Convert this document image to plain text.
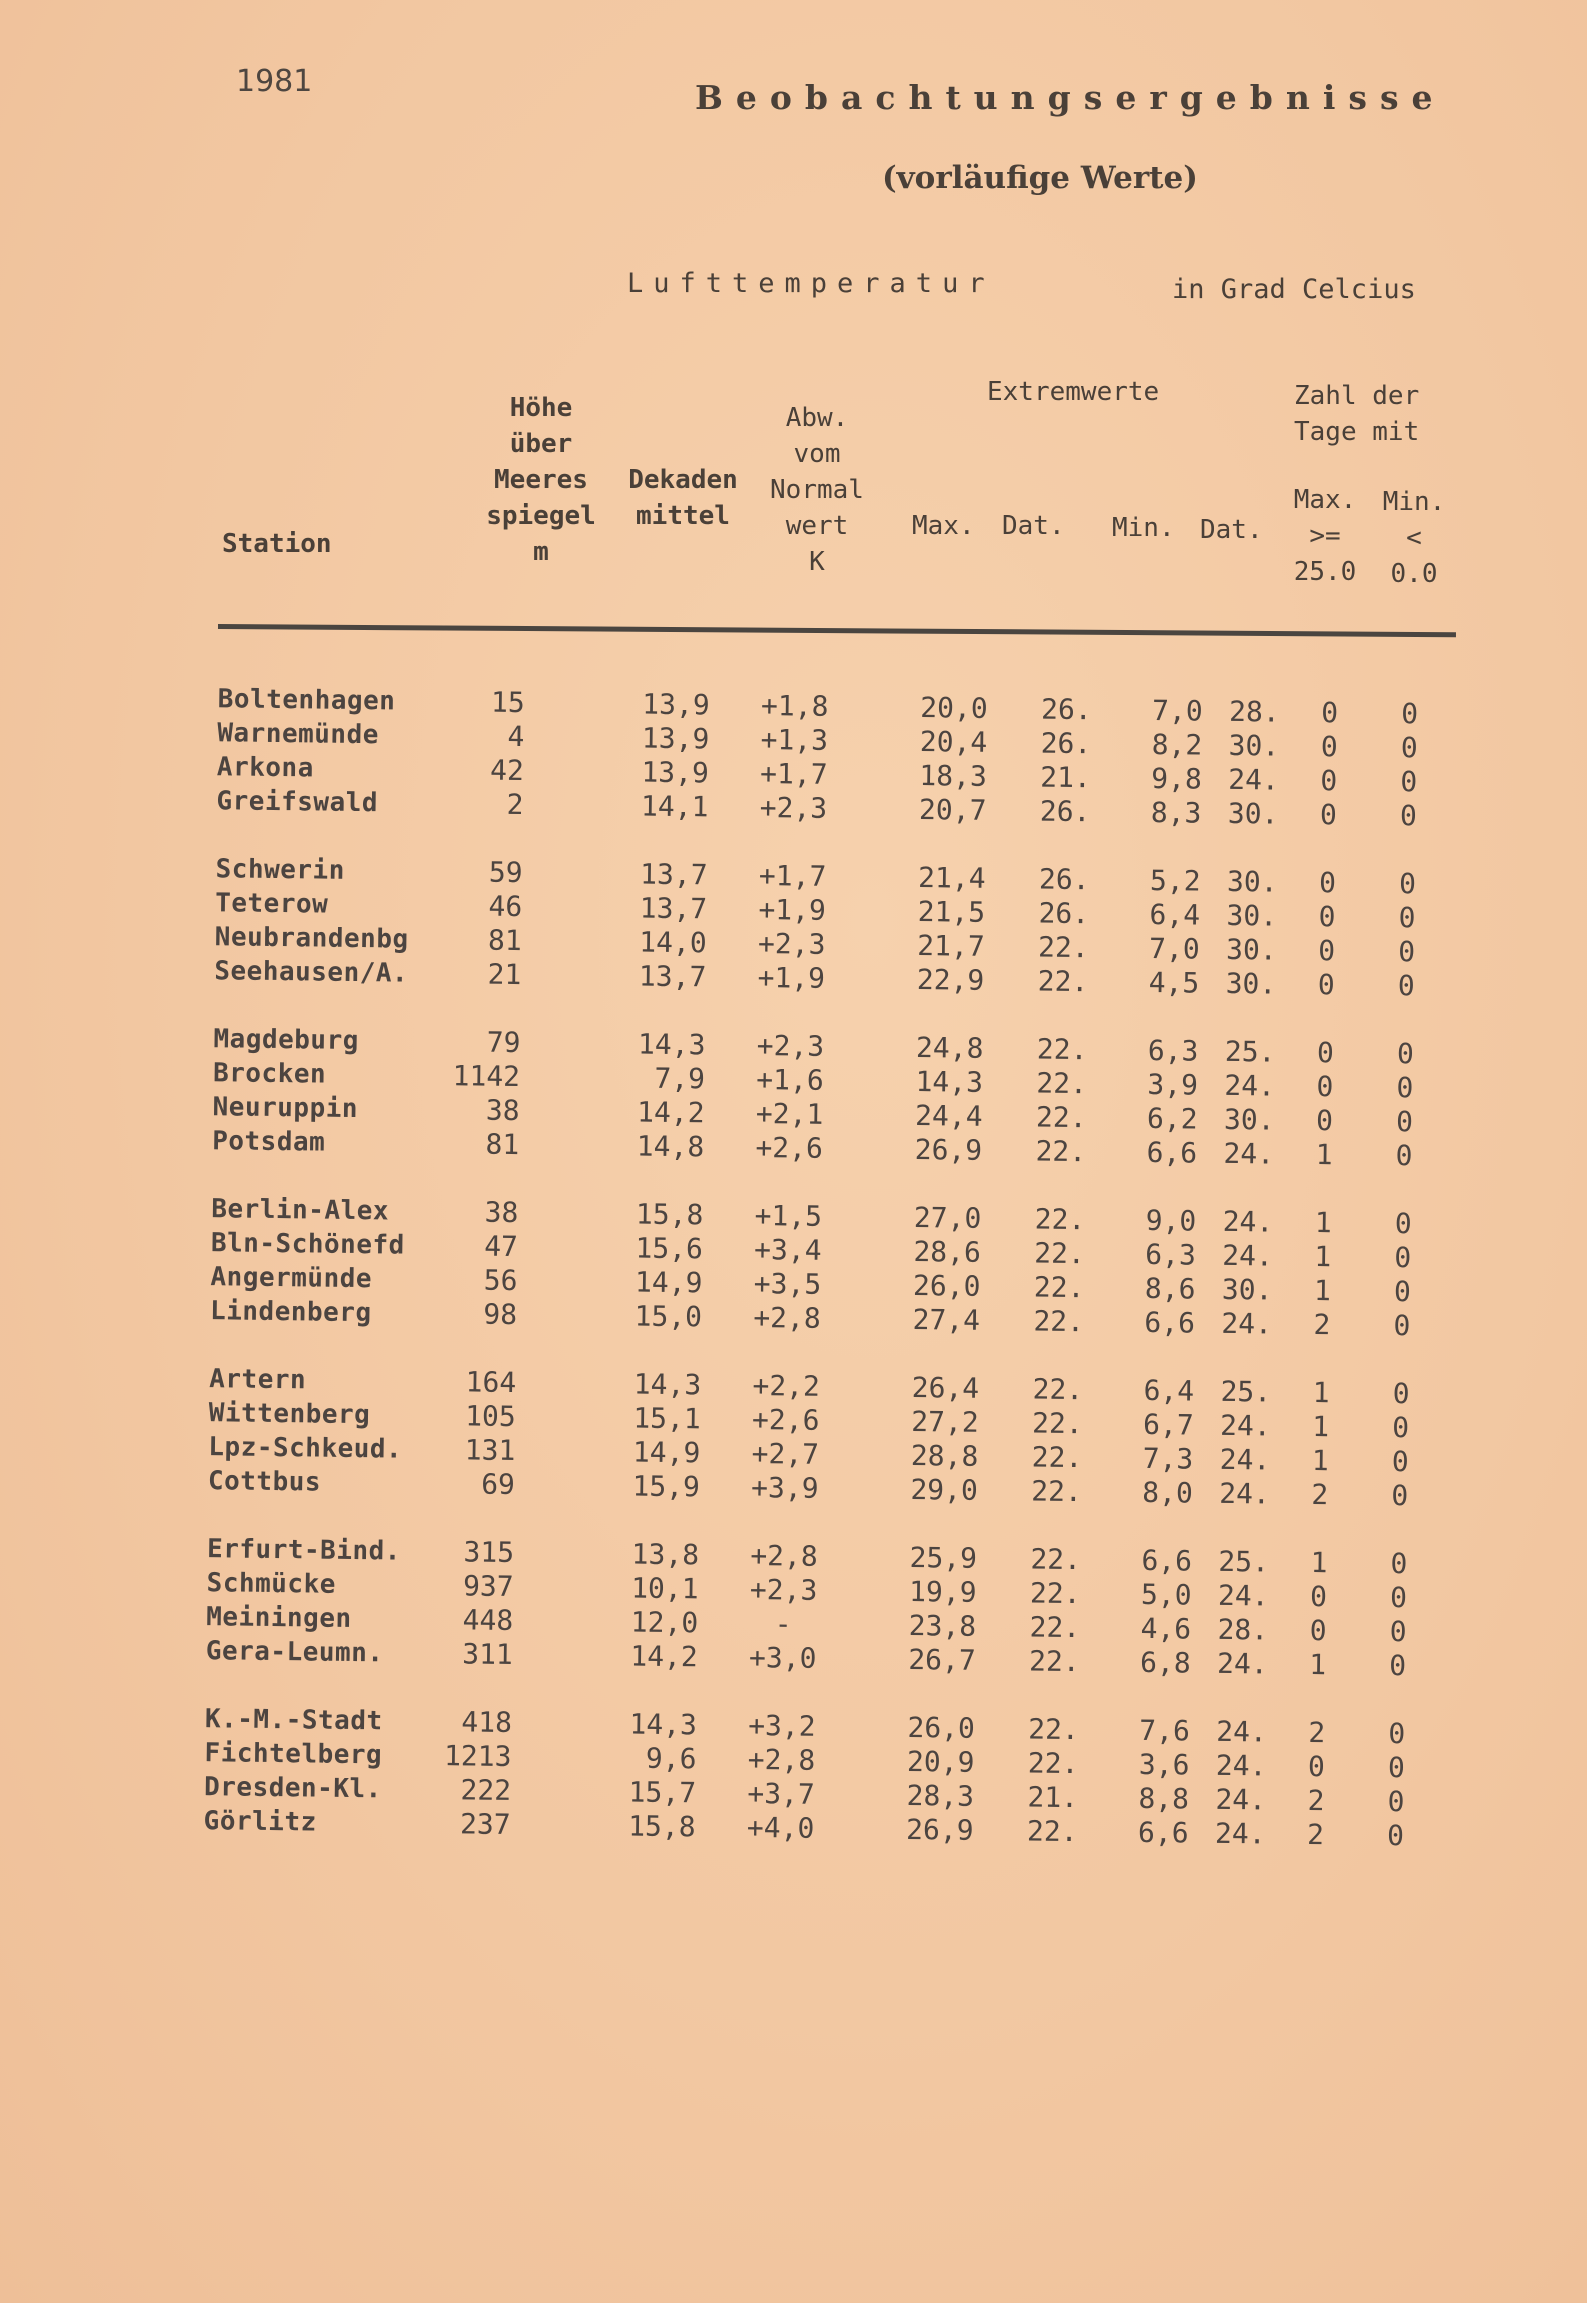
1981	Beobachtungsergebnisse
(vorläufige Werte)
Lufttemperatur	in Grad Celcius
Station
Höhe
über
Meeres
spiegel
m
Dekaden
mittel
Abw.
vom
Normal
wert
K
Extremwerte
Max. Dat. Min. Dat.
Zahl der
Tage mit
Max.
>=
25.0
Min.
<
0.0
Boltenhagen	15	13,9	+1,8	20,0	26.	7,0 28.	0	0
Warnemünde	4	13,9	+1,3	20,4	26.	8,2 30.	0	0
Arkona	42	13,9	+1,7	18,3	21.	9,8 24.	0	0
Greifswald	2	14,1	+2,3	20,7	26.	8,3 30.	0	0
Schwerin	59	13,7	+1,7	21,4	26.	5,2 30.	0	0
Teterow	46	13,7	+1,9	21,5	26.	6,4 30.	0	0
Neubrandenbg	81	14,0	+2,3	21,7	22.	7,0 30.	0	0
Seehausen/A.	21	13,7	+1,9	22,9	22.	4,5 30.	0	0
Magdeburg	79	14,3	+2,3	24,8	22.	6,3 25.	0	0
Brocken	1142	7,9	+1,6	14,3	22.	3,9 24.	0	0
Neuruppin	38	14,2	+2,1	24,4	22.	6,2 30.	0	0
Potsdam	81	14,8	+2,6	26,9	22.	6,6 24.	1	0
Berlin-Alex	38	15,8	+1,5	27,0	22.	9,0 24.	1	0
Bln-Schönefd	47	15,6	+3,4	28,6	22.	6,3 24.	1	0
Angermünde	56	14,9	+3,5	26,0	22.	8,6 30.	1	0
Lindenberg	98	15,0	+2,8	27,4	22.	6,6 24.	2	0
Artern	164	14,3	+2,2	26,4	22.	6,4 25.	1	0
Wittenberg	105	15,1	+2,6	27,2	22.	6,7 24.	1	0
Lpz-Schkeud.	131	14,9	+2,7	28,8	22.	7,3 24.	1	0
Cottbus	69	15,9	+3,9	29,0	22.	8,0 24.	2	0
Erfurt-Bind.	315	13,8	+2,8	25,9	22.	6,6 25.	1	0
Schmücke	937	10,1	+2,3	19,9	22.	5,0 24.	0	0
Meiningen	448	12,0	-	23,8	22.	4,6 28.	0	0
Gera-Leumn.	311	14,2	+3,0	26,7	22.	6,8 24.	1	0
K.-M.-Stadt	418	14,3	+3,2	26,0	22.	7,6 24.	2	0
Fichtelberg	1213	9,6	+2,8	20,9	22.	3,6 24.	0	0
Dresden-Kl.	222	15,7	+3,7	28,3	21.	8,8 24.	2	0
Görlitz	237	15,8	+4,0	26,9	22.	6,6 24.	2	0
